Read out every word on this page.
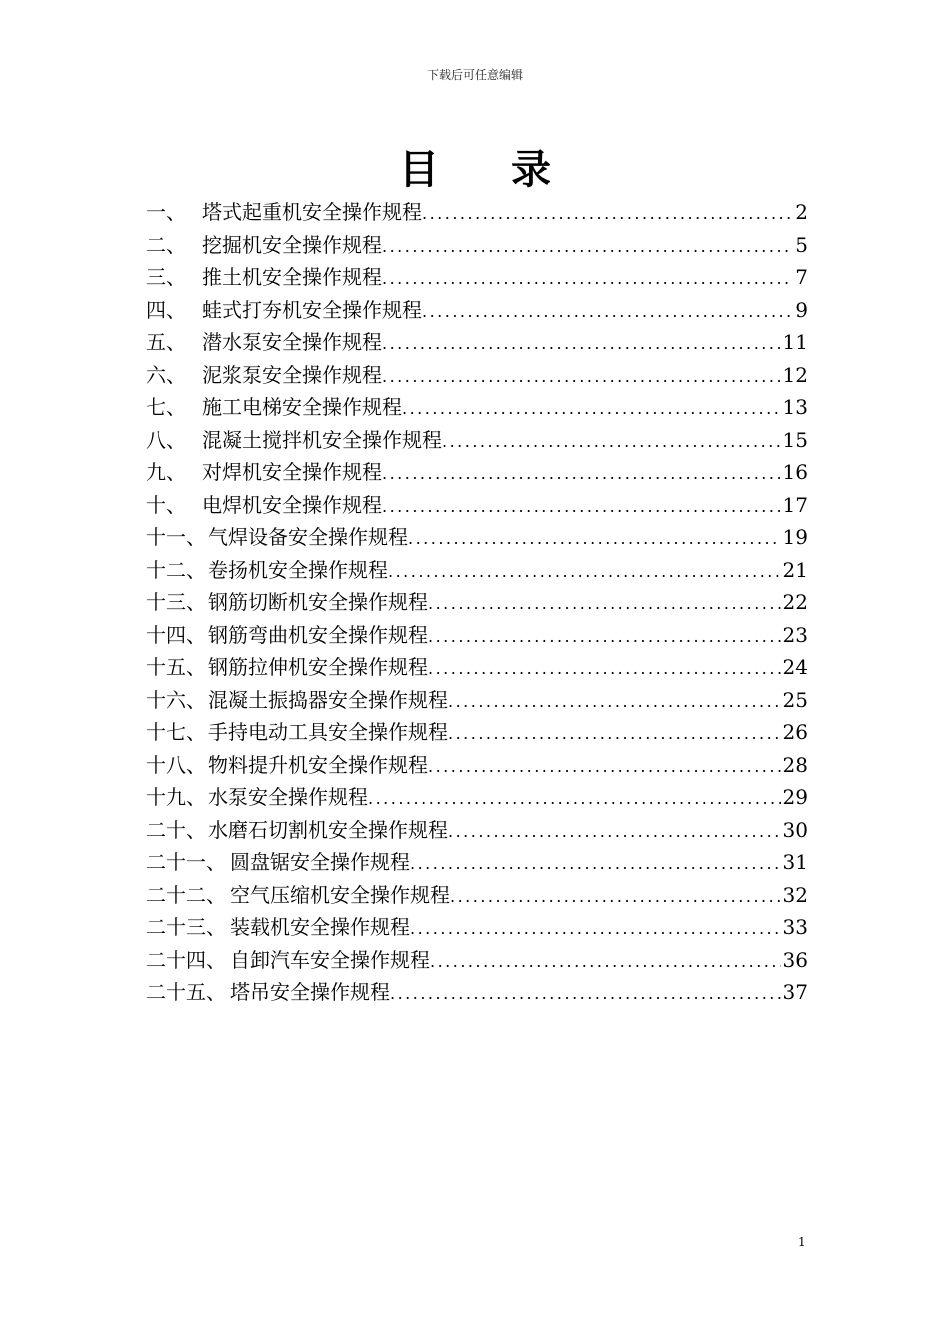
下载后可任意编辑
目 录
一、 塔式起重机安全操作规程 .....	2
二、 挖掘机安全操作规程 .....	5
三、 推土机安全操作规程 .....	7
四、 蛙式打夯机安全操作规程 .....	9
五、 潜水泵安全操作规程 .....	11
六、 泥浆泵安全操作规程 .....	12
七、 施工电梯安全操作规程 .....	13
八、 混凝土搅拌机安全操作规程 .....	15
九、 对焊机安全操作规程 .....	16
十、 电焊机安全操作规程 .....	17
十一、 气焊设备安全操作规程 .....	19
十二、 卷扬机安全操作规程 .....	21
十三、 钢筋切断机安全操作规程 .....	22
十四、 钢筋弯曲机安全操作规程 .....	23
十五、 钢筋拉伸机安全操作规程 .....	24
十六、 混凝土振捣器安全操作规程 .....	25
十七、 手持电动工具安全操作规程 .....	26
十八、 物料提升机安全操作规程 .....	28
十九、 水泵安全操作规程 .....	29
二十、 水磨石切割机安全操作规程 .....	30
二十一、 圆盘锯安全操作规程 .....	31
二十二、 空气压缩机安全操作规程 .....	32
二十三、 装载机安全操作规程 .....	33
二十四、 自卸汽车安全操作规程 .....	36
二十五、 塔吊安全操作规程 .....	37
1
